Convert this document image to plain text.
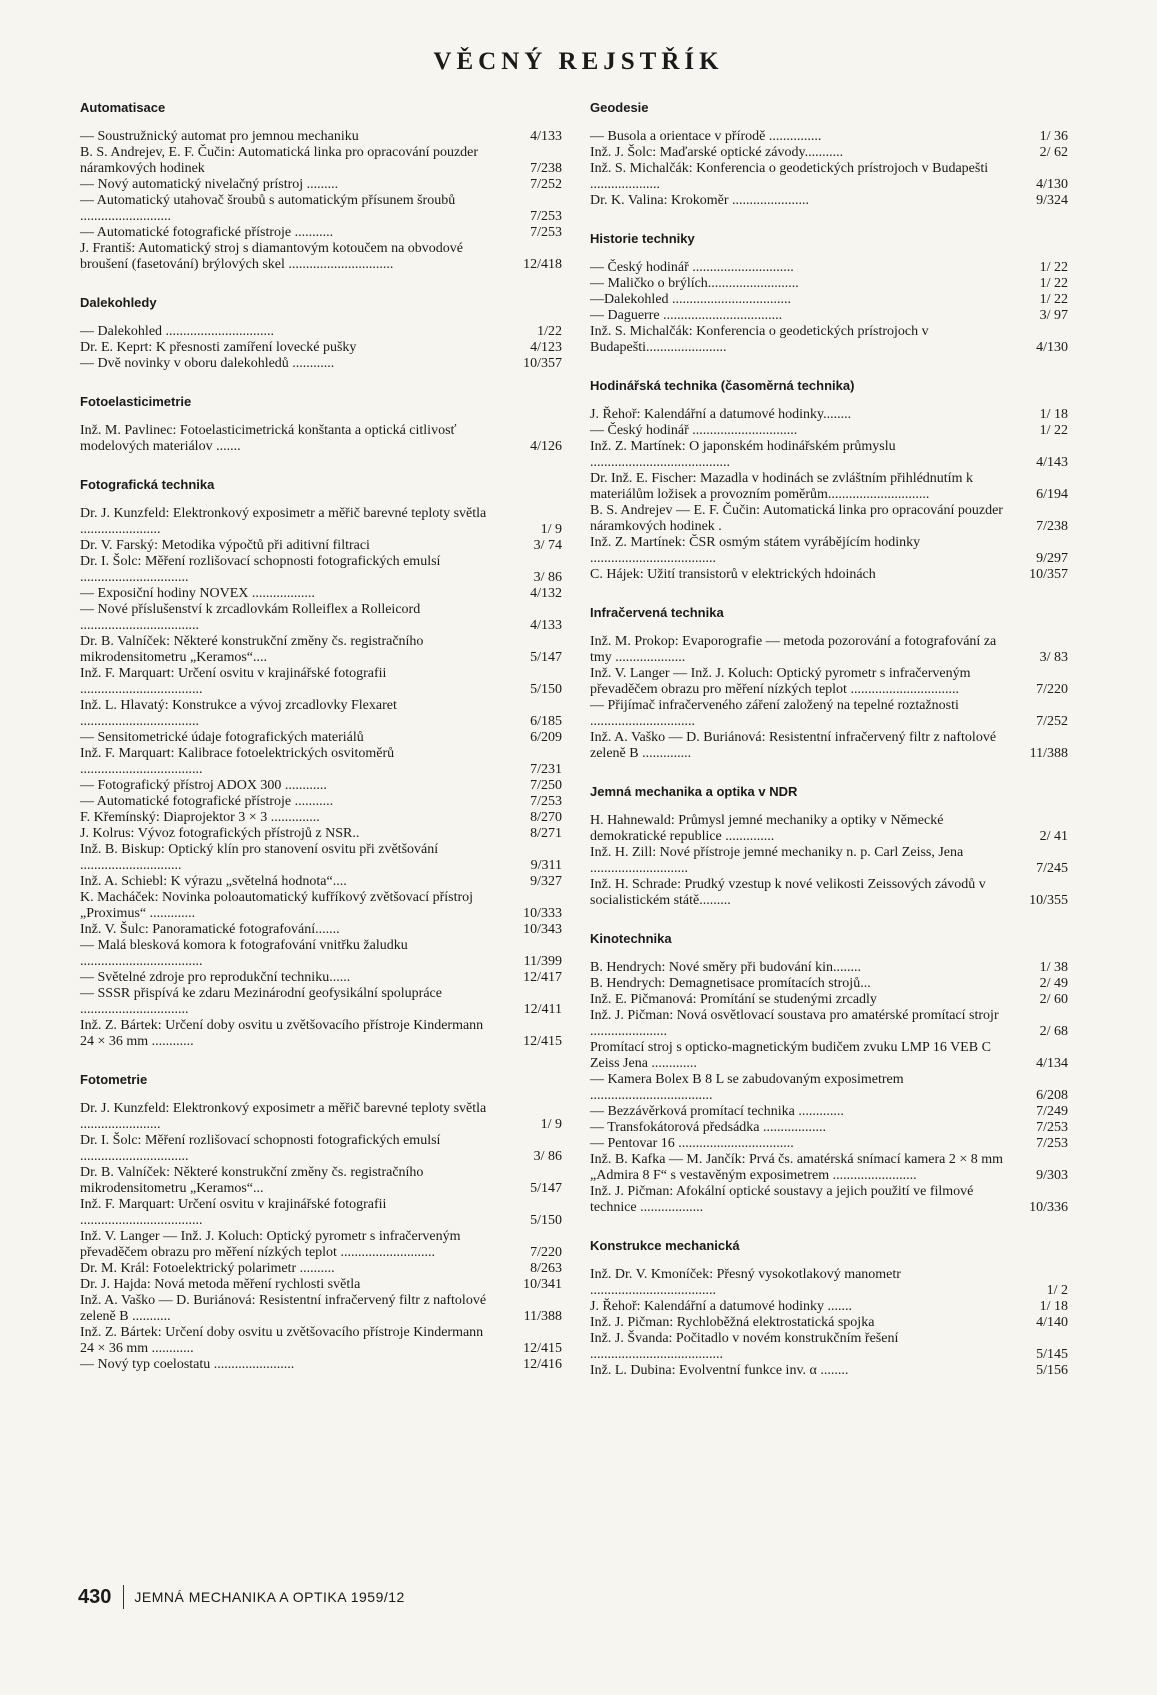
VĚCNÝ REJSTŘÍK
Automatisace
— Soustružnický automat pro jemnou mechaniku	4/133
B. S. Andrejev, E. F. Čučin: Automatická linka pro opracování pouzder náramkových hodinek	7/238
— Nový automatický nivelačný prístroj .........	7/252
— Automatický utahovač šroubů s automatickým přísunem šroubů ..........................	7/253
— Automatické fotografické přístroje ...........	7/253
J. Františ: Automatický stroj s diamantovým kotoučem na obvodové broušení (fasetování) brýlových skel ..............................	12/418
Dalekohledy
— Dalekohled ...............................	1/22
Dr. E. Keprt: K přesnosti zamíření lovecké pušky	4/123
— Dvě novinky v oboru dalekohledů ............	10/357
Fotoelasticimetrie
Inž. M. Pavlinec: Fotoelasticimetrická konštanta a optická citlivosť modelových materiálov .......	4/126
Fotografická technika
Dr. J. Kunzfeld: Elektronkový exposimetr a měřič barevné teploty světla .......................	1/ 9
Dr. V. Farský: Metodika výpočtů při aditivní filtraci	3/ 74
Dr. I. Šolc: Měření rozlišovací schopnosti fotografických emulsí ...............................	3/ 86
— Exposiční hodiny NOVEX ..................	4/132
— Nové příslušenství k zrcadlovkám Rolleiflex a Rolleicord ..................................	4/133
Dr. B. Valníček: Některé konstrukční změny čs. registračního mikrodensitometru „Keramos“....	5/147
Inž. F. Marquart: Určení osvitu v krajinářské fotografii ...................................	5/150
Inž. L. Hlavatý: Konstrukce a vývoj zrcadlovky Flexaret ..................................	6/185
— Sensitometrické údaje fotografických materiálů	6/209
Inž. F. Marquart: Kalibrace fotoelektrických osvitoměrů ...................................	7/231
— Fotografický přístroj ADOX 300 ............	7/250
— Automatické fotografické přístroje ...........	7/253
F. Křemínský: Diaprojektor 3 × 3 ..............	8/270
J. Kolrus: Vývoz fotografických přístrojů z NSR..	8/271
Inž. B. Biskup: Optický klín pro stanovení osvitu při zvětšování .............................	9/311
Inž. A. Schiebl: K výrazu „světelná hodnota“....	9/327
K. Macháček: Novinka poloautomatický kufříkový zvětšovací přístroj „Proximus“ .............	10/333
Inž. V. Šulc: Panoramatické fotografování.......	10/343
— Malá blesková komora k fotografování vnitřku žaludku ...................................	11/399
— Světelné zdroje pro reprodukční techniku......	12/417
— SSSR přispívá ke zdaru Mezinárodní geofysikální spolupráce ...............................	12/411
Inž. Z. Bártek: Určení doby osvitu u zvětšovacího přístroje Kindermann 24 × 36 mm ............	12/415
Fotometrie
Dr. J. Kunzfeld: Elektronkový exposimetr a měřič barevné teploty světla .......................	1/ 9
Dr. I. Šolc: Měření rozlišovací schopnosti fotografických emulsí ...............................	3/ 86
Dr. B. Valníček: Některé konstrukční změny čs. registračního mikrodensitometru „Keramos“...	5/147
Inž. F. Marquart: Určení osvitu v krajinářské fotografii ...................................	5/150
Inž. V. Langer — Inž. J. Koluch: Optický pyrometr s infračerveným převaděčem obrazu pro měření nízkých teplot ...........................	7/220
Dr. M. Král: Fotoelektrický polarimetr ..........	8/263
Dr. J. Hajda: Nová metoda měření rychlosti světla	10/341
Inž. A. Vaško — D. Buriánová: Resistentní infračervený filtr z naftolové zeleně B ...........	11/388
Inž. Z. Bártek: Určení doby osvitu u zvětšovacího přístroje Kindermann 24 × 36 mm ............	12/415
— Nový typ coelostatu .......................	12/416
Geodesie
— Busola a orientace v přírodě ...............	1/ 36
Inž. J. Šolc: Maďarské optické závody...........	2/ 62
Inž. S. Michalčák: Konferencia o geodetických prístrojoch v Budapešti ....................	4/130
Dr. K. Valina: Krokoměr ......................	9/324
Historie techniky
— Český hodinář .............................	1/ 22
— Maličko o brýlích..........................	1/ 22
—Dalekohled ..................................	1/ 22
— Daguerre ..................................	3/ 97
Inž. S. Michalčák: Konferencia o geodetických prístrojoch v Budapešti.......................	4/130
Hodinářská technika (časoměrná technika)
J. Řehoř: Kalendářní a datumové hodinky........	1/ 18
— Český hodinář ..............................	1/ 22
Inž. Z. Martínek: O japonském hodinářském průmyslu ........................................	4/143
Dr. Inž. E. Fischer: Mazadla v hodinách se zvláštním přihlédnutím k materiálům ložisek a provozním poměrům.............................	6/194
B. S. Andrejev — E. F. Čučin: Automatická linka pro opracování pouzder náramkových hodinek .	7/238
Inž. Z. Martínek: ČSR osmým státem vyrábějícím hodinky ....................................	9/297
C. Hájek: Užití transistorů v elektrických hdoinách	10/357
Infračervená technika
Inž. M. Prokop: Evaporografie — metoda pozorování a fotografování za tmy ....................	3/ 83
Inž. V. Langer — Inž. J. Koluch: Optický pyrometr s infračerveným převaděčem obrazu pro měření nízkých teplot ...............................	7/220
— Přijímač infračerveného záření založený na tepelné roztažnosti ..............................	7/252
Inž. A. Vaško — D. Buriánová: Resistentní infračervený filtr z naftolové zeleně B ..............	11/388
Jemná mechanika a optika v NDR
H. Hahnewald: Průmysl jemné mechaniky a optiky v Německé demokratické republice ..............	2/ 41
Inž. H. Zill: Nové přístroje jemné mechaniky n. p. Carl Zeiss, Jena ............................	7/245
Inž. H. Schrade: Prudký vzestup k nové velikosti Zeissových závodů v socialistickém státě.........	10/355
Kinotechnika
B. Hendrych: Nové směry při budování kin........	1/ 38
B. Hendrych: Demagnetisace promítacích strojů...	2/ 49
Inž. E. Pičmanová: Promítání se studenými zrcadly	2/ 60
Inž. J. Pičman: Nová osvětlovací soustava pro amatérské promítací strojr ......................	2/ 68
Promítací stroj s opticko-magnetickým budičem zvuku LMP 16 VEB C Zeiss Jena .............	4/134
— Kamera Bolex B 8 L se zabudovaným exposimetrem ...................................	6/208
— Bezzávěrková promítací technika .............	7/249
— Transfokátorová předsádka ..................	7/253
— Pentovar 16 .................................	7/253
Inž. B. Kafka — M. Jančík: Prvá čs. amatérská snímací kamera 2 × 8 mm „Admira 8 F“ s vestavěným exposimetrem ........................	9/303
Inž. J. Pičman: Afokální optické soustavy a jejich použití ve filmové technice ..................	10/336
Konstrukce mechanická
Inž. Dr. V. Kmoníček: Přesný vysokotlakový manometr ....................................	1/ 2
J. Řehoř: Kalendářní a datumové hodinky .......	1/ 18
Inž. J. Pičman: Rychloběžná elektrostatická spojka	4/140
Inž. J. Švanda: Počitadlo v novém konstrukčním řešení ......................................	5/145
Inž. L. Dubina: Evolventní funkce inv. α ........	5/156
430 JEMNÁ MECHANIKA A OPTIKA 1959/12
